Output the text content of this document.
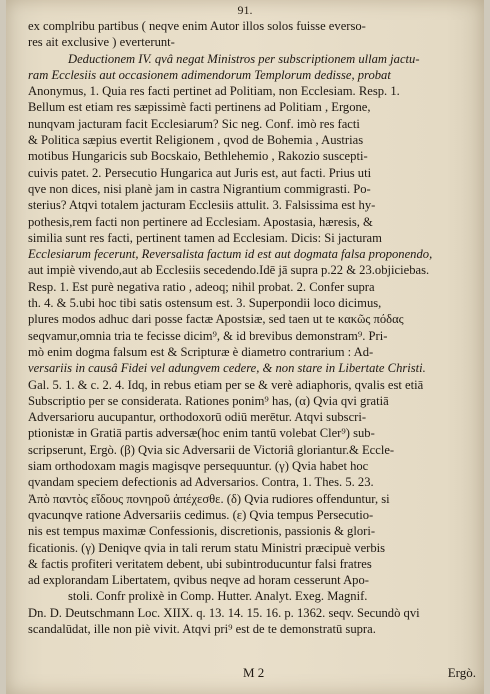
91.
ex complribu partibus ( neqve enim Autor illos solos fuisse everso-
res ait exclusive ) everterunt-
Deductionem IV. qvâ negat Ministros per subscriptionem ullam jactu-
ram Ecclesiis aut occasionem adimendorum Templorum dedisse, probat
Anonymus, 1. Quia res facti pertinet ad Politiam, non Ecclesiam. Resp. 1.
Bellum est etiam res sæpissimè facti pertinens ad Politiam , Ergone,
nunqvam jacturam facit Ecclesiarum? Sic neg. Conf. imò res facti
& Politica sæpius evertit Religionem , qvod de Bohemia , Austrias
motibus Hungaricis sub Bocskaio, Bethlehemio , Rakozio suscepti-
cuivis patet. 2. Persecutio Hungarica aut Juris est, aut facti. Prius uti
qve non dices, nisi planè jam in castra Nigrantium commigrasti. Po-
sterius? Atqvi totalem jacturam Ecclesiis attulit. 3. Falsissima est hy-
pothesis,rem facti non pertinere ad Ecclesiam. Apostasia, hæresis, &
similia sunt res facti, pertinent tamen ad Ecclesiam. Dicis: Si jacturam
Ecclesiarum fecerunt, Reversalista factum id est aut dogmata falsa proponendo,
aut impiè vivendo,aut ab Ecclesiis secedendo.Idē jā supra p.22 & 23.objiciebas.
Resp. 1. Est purè negativa ratio , adeoq; nihil probat. 2. Confer supra
th. 4. & 5.ubi hoc tibi satis ostensum est. 3. Superpondii loco dicimus,
plures modos adhuc dari posse factæ Apostsiæ, sed taen ut te κακῶς πόδας
seqvamur,omnia tria te fecisse dicim⁹, & id brevibus demonstram⁹. Pri-
mò enim dogma falsum est & Scripturæ è diametro contrarium : Ad-
versariis in causâ Fidei vel adungvem cedere, & non stare in Libertate Christi.
Gal. 5. 1. & c. 2. 4. Idq, in rebus etiam per se & verè adiaphoris, qvalis est etiā
Subscriptio per se considerata. Rationes ponim⁹ has, (α) Qvia qvi gratiā
Adversarioru aucupantur, orthodoxorū odiū merētur. Atqvi subscri-
ptionistæ in Gratiā partis adversæ(hoc enim tantū volebat Cler⁹) sub-
scripserunt, Ergò. (β) Qvia sic Adversarii de Victoriâ gloriantur.& Eccle-
siam orthodoxam magis magisqve persequuntur. (γ) Qvia habet hoc
qvandam speciem defectionis ad Adversarios. Contra, 1. Thes. 5. 23.
Ἀπὸ παντὸς εἴδους πονηροῦ ἀπέχεσθε. (δ) Qvia rudiores offenduntur, si
qvacunqve ratione Adversariis cedimus. (ε) Qvia tempus Persecutio-
nis est tempus maximæ Confessionis, discretionis, passionis & glori-
ficationis. (γ) Deniqve qvia in tali rerum statu Ministri præcipuè verbis
& factis profiteri veritatem debent, ubi subintroducuntur falsi fratres
ad explorandam Libertatem, qvibus neqve ad horam cesserunt Apo-
stoli. Confr prolixè in Comp. Hutter. Analyt. Exeg. Magnif.
Dn. D. Deutschmann Loc. XIIX. q. 13. 14. 15. 16. p. 1362. seqv. Secundò qvi
scandalūdat, ille non piè vivit. Atqvi pri⁹ est de te demonstratū supra.
M 2	Ergò.
